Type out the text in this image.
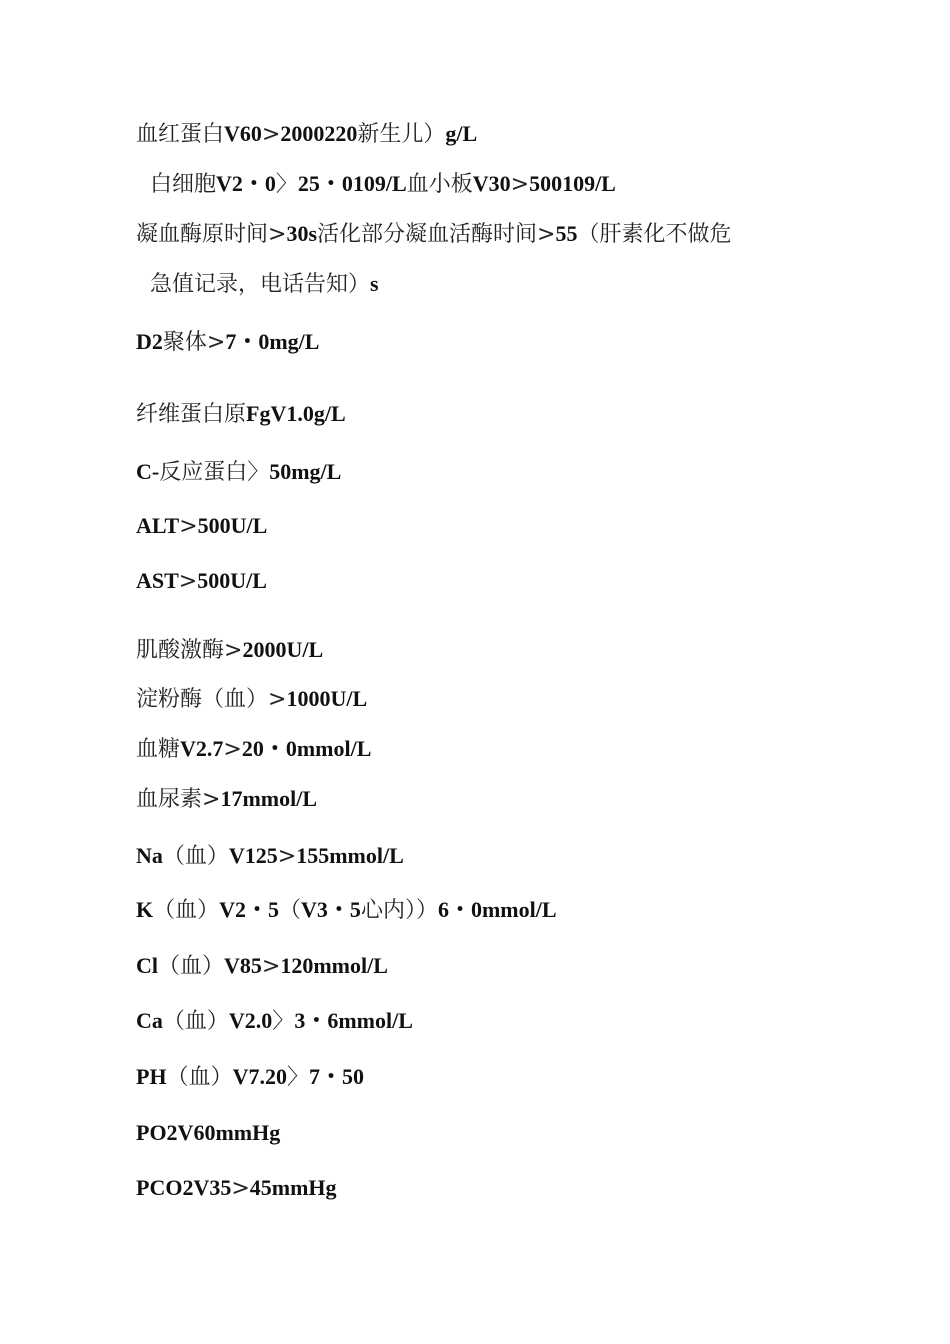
血红蛋白V60>2000220新生儿）g/L
白细胞V2・0〉25・0109/L血小板V30>500109/L
凝血酶原时间>30s活化部分凝血活酶时间>55（肝素化不做危
急值记录，电话告知）s
D2聚体>7・0mg/L
纤维蛋白原FgV1.0g/L
C-反应蛋白〉50mg/L
ALT>500U/L
AST>500U/L
肌酸激酶>2000U/L
淀粉酶（血）>1000U/L
血糖V2.7>20・0mmol/L
血尿素>17mmol/L
Na（血）V125>155mmol/L
K（血）V2・5（V3・5心内））6・0mmol/L
Cl（血）V85>120mmol/L
Ca（血）V2.0〉3・6mmol/L
PH（血）V7.20〉7・50
PO2V60mmHg
PCO2V35>45mmHg
